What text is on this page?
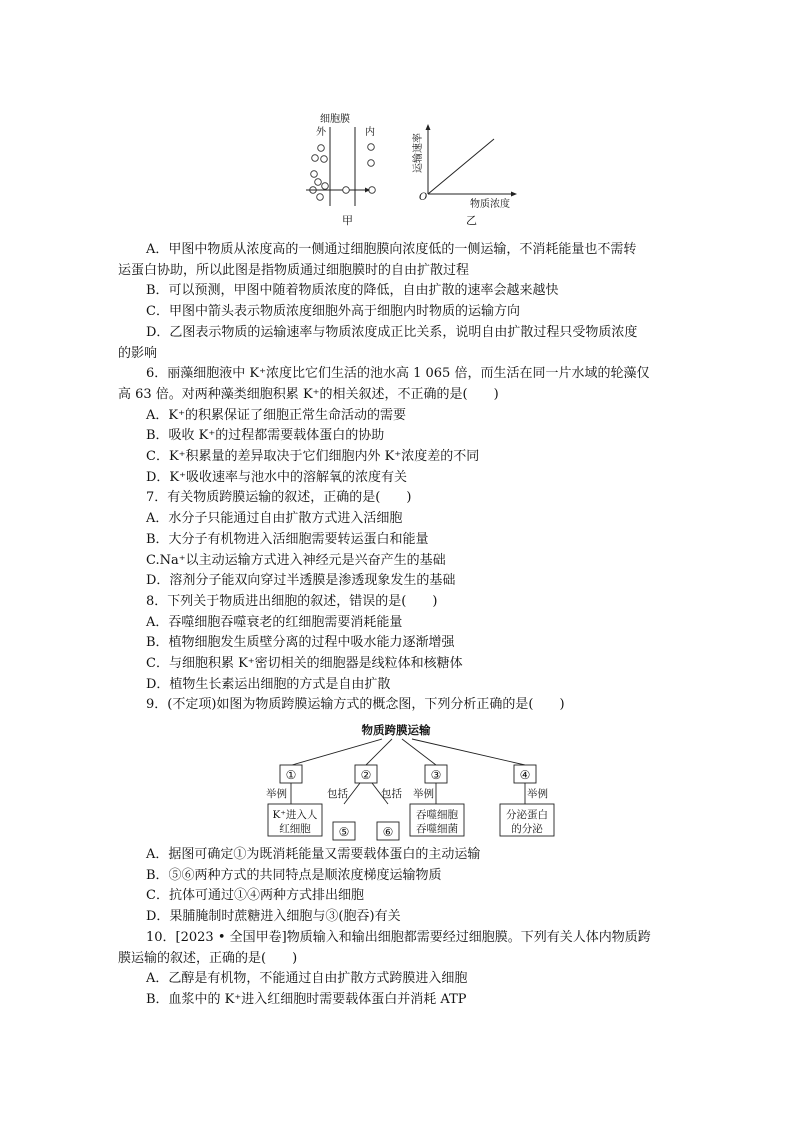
细胞膜
外	内
甲
运输速率
物质浓度
O
乙

A．甲图中物质从浓度高的一侧通过细胞膜向浓度低的一侧运输，不消耗能量也不需转

运蛋白协助，所以此图是指物质通过细胞膜时的自由扩散过程

B．可以预测，甲图中随着物质浓度的降低，自由扩散的速率会越来越快

C．甲图中箭头表示物质浓度细胞外高于细胞内时物质的运输方向

D．乙图表示物质的运输速率与物质浓度成正比关系，说明自由扩散过程只受物质浓度

的影响

6．丽藻细胞液中 K⁺浓度比它们生活的池水高 1 065 倍，而生活在同一片水域的轮藻仅

高 63 倍。对两种藻类细胞积累 K⁺的相关叙述，不正确的是(　　)

A．K⁺的积累保证了细胞正常生命活动的需要

B．吸收 K⁺的过程都需要载体蛋白的协助

C．K⁺积累量的差异取决于它们细胞内外 K⁺浓度差的不同

D．K⁺吸收速率与池水中的溶解氧的浓度有关

7．有关物质跨膜运输的叙述，正确的是(　　)

A．水分子只能通过自由扩散方式进入活细胞

B．大分子有机物进入活细胞需要转运蛋白和能量

C.Na⁺以主动运输方式进入神经元是兴奋产生的基础

D．溶剂分子能双向穿过半透膜是渗透现象发生的基础

8．下列关于物质进出细胞的叙述，错误的是(　　)

A．吞噬细胞吞噬衰老的红细胞需要消耗能量

B．植物细胞发生质壁分离的过程中吸水能力逐渐增强

C．与细胞积累 K⁺密切相关的细胞器是线粒体和核糖体

D．植物生长素运出细胞的方式是自由扩散

9．(不定项)如图为物质跨膜运输方式的概念图，下列分析正确的是(　　)

物质跨膜运输
①	②	③	④
举例	包括	包括 举例	举例
K⁺进入人
红细胞 ⑤	⑥
吞噬细胞
吞噬细菌
分泌蛋白
的分泌

A．据图可确定①为既消耗能量又需要载体蛋白的主动运输

B．⑤⑥两种方式的共同特点是顺浓度梯度运输物质

C．抗体可通过①④两种方式排出细胞

D．果脯腌制时蔗糖进入细胞与③(胞吞)有关

10．[2023 • 全国甲卷]物质输入和输出细胞都需要经过细胞膜。下列有关人体内物质跨

膜运输的叙述，正确的是(　　)

A．乙醇是有机物，不能通过自由扩散方式跨膜进入细胞

B．血浆中的 K⁺进入红细胞时需要载体蛋白并消耗 ATP
